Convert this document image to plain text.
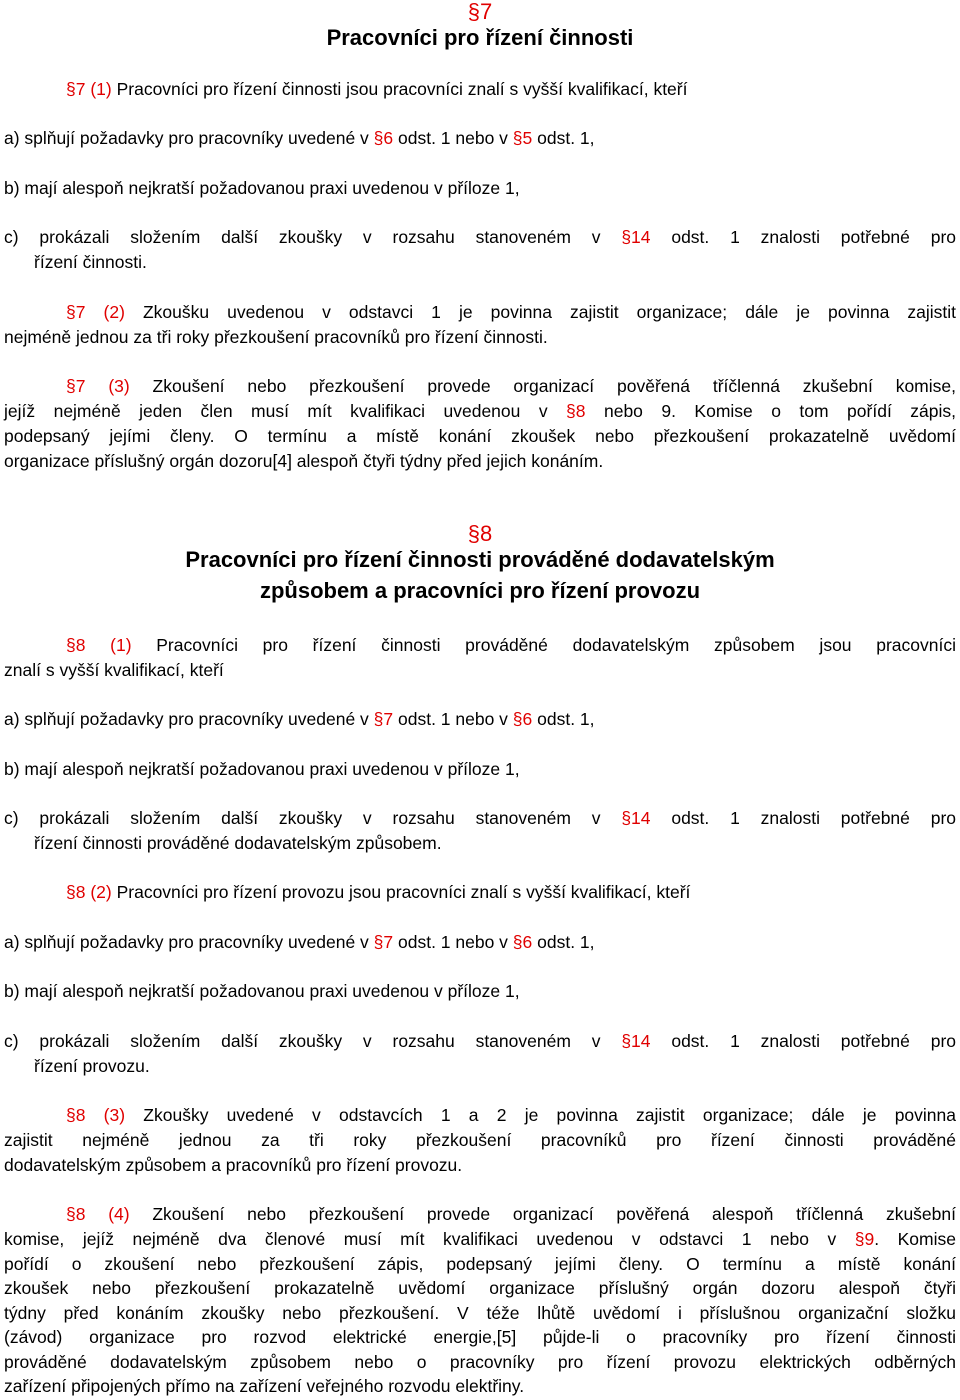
§7
Pracovníci pro řízení činnosti
§7 (1) Pracovníci pro řízení činnosti jsou pracovníci znalí s vyšší kvalifikací, kteří
a) splňují požadavky pro pracovníky uvedené v §6 odst. 1 nebo v §5 odst. 1,
b) mají alespoň nejkratší požadovanou praxi uvedenou v příloze 1,
c) prokázali složením další zkoušky v rozsahu stanoveném v §14 odst. 1 znalosti potřebné pro
řízení činnosti.
§7 (2) Zkoušku uvedenou v odstavci 1 je povinna zajistit organizace; dále je povinna zajistit
nejméně jednou za tři roky přezkoušení pracovníků pro řízení činnosti.
§7 (3) Zkoušení nebo přezkoušení provede organizací pověřená tříčlenná zkušební komise,
jejíž nejméně jeden člen musí mít kvalifikaci uvedenou v §8 nebo 9. Komise o tom pořídí zápis,
podepsaný jejími členy. O termínu a místě konání zkoušek nebo přezkoušení prokazatelně uvědomí
organizace příslušný orgán dozoru[4] alespoň čtyři týdny před jejich konáním.
§8
Pracovníci pro řízení činnosti prováděné dodavatelským
způsobem a pracovníci pro řízení provozu
§8 (1) Pracovníci pro řízení činnosti prováděné dodavatelským způsobem jsou pracovníci
znalí s vyšší kvalifikací, kteří
a) splňují požadavky pro pracovníky uvedené v §7 odst. 1 nebo v §6 odst. 1,
b) mají alespoň nejkratší požadovanou praxi uvedenou v příloze 1,
c) prokázali složením další zkoušky v rozsahu stanoveném v §14 odst. 1 znalosti potřebné pro
řízení činnosti prováděné dodavatelským způsobem.
§8 (2) Pracovníci pro řízení provozu jsou pracovníci znalí s vyšší kvalifikací, kteří
a) splňují požadavky pro pracovníky uvedené v §7 odst. 1 nebo v §6 odst. 1,
b) mají alespoň nejkratší požadovanou praxi uvedenou v příloze 1,
c) prokázali složením další zkoušky v rozsahu stanoveném v §14 odst. 1 znalosti potřebné pro
řízení provozu.
§8 (3) Zkoušky uvedené v odstavcích 1 a 2 je povinna zajistit organizace; dále je povinna
zajistit nejméně jednou za tři roky přezkoušení pracovníků pro řízení činnosti prováděné
dodavatelským způsobem a pracovníků pro řízení provozu.
§8 (4) Zkoušení nebo přezkoušení provede organizací pověřená alespoň tříčlenná zkušební
komise, jejíž nejméně dva členové musí mít kvalifikaci uvedenou v odstavci 1 nebo v §9. Komise
pořídí o zkoušení nebo přezkoušení zápis, podepsaný jejími členy. O termínu a místě konání
zkoušek nebo přezkoušení prokazatelně uvědomí organizace příslušný orgán dozoru alespoň čtyři
týdny před konáním zkoušky nebo přezkoušení. V téže lhůtě uvědomí i příslušnou organizační složku
(závod) organizace pro rozvod elektrické energie,[5] půjde-li o pracovníky pro řízení činnosti
prováděné dodavatelským způsobem nebo o pracovníky pro řízení provozu elektrických odběrných
zařízení připojených přímo na zařízení veřejného rozvodu elektřiny.
